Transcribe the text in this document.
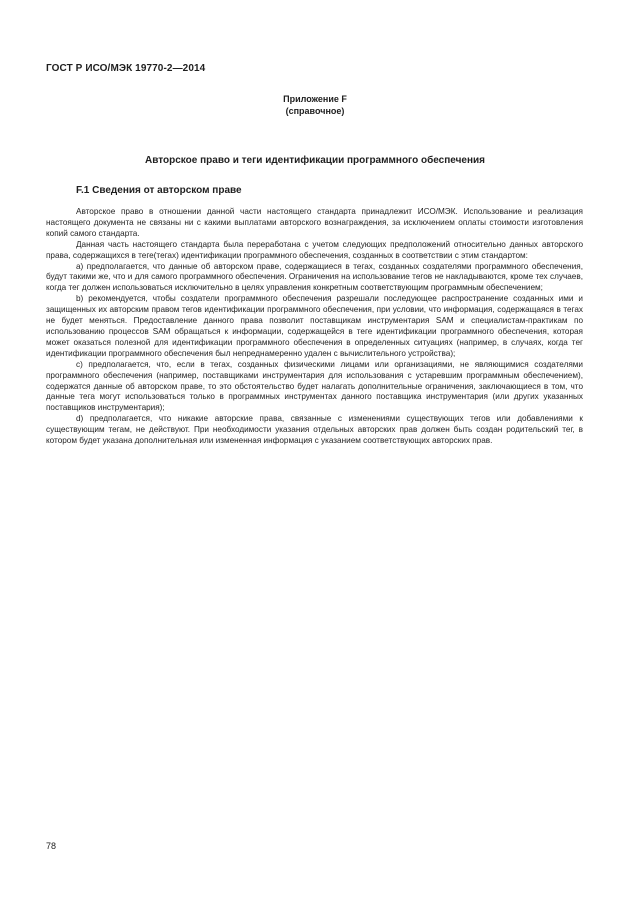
ГОСТ Р ИСО/МЭК 19770-2—2014
Приложение F
(справочное)
Авторское право и теги идентификации программного обеспечения
F.1 Сведения от авторском праве

Авторское право в отношении данной части настоящего стандарта принадлежит ИСО/МЭК. Использование и реализация настоящего документа не связаны ни с какими выплатами авторского вознаграждения, за исключением оплаты стоимости изготовления копий самого стандарта.

Данная часть настоящего стандарта была переработана с учетом следующих предположений относительно данных авторского права, содержащихся в теге(тегах) идентификации программного обеспечения, созданных в соответствии с этим стандартом:

a) предполагается, что данные об авторском праве, содержащиеся в тегах, созданных создателями программного обеспечения, будут такими же, что и для самого программного обеспечения. Ограничения на использование тегов не накладываются, кроме тех случаев, когда тег должен использоваться исключительно в целях управления конкретным соответствующим программным обеспечением;

b) рекомендуется, чтобы создатели программного обеспечения разрешали последующее распространение созданных ими и защищенных их авторским правом тегов идентификации программного обеспечения, при условии, что информация, содержащаяся в тегах не будет меняться. Предоставление данного права позволит поставщикам инструментария SAM и специалистам-практикам по использованию процессов SAM обращаться к информации, содержащейся в теге идентификации программного обеспечения, которая может оказаться полезной для идентификации программного обеспечения в определенных ситуациях (например, в случаях, когда тег идентификации программного обеспечения был непреднамеренно удален с вычислительного устройства);

c) предполагается, что, если в тегах, созданных физическими лицами или организациями, не являющимися создателями программного обеспечения (например, поставщиками инструментария для использования с устаревшим программным обеспечением), содержатся данные об авторском праве, то это обстоятельство будет налагать дополнительные ограничения, заключающиеся в том, что данные тега могут использоваться только в программных инструментах данного поставщика инструментария (или других указанных поставщиков инструментария);

d) предполагается, что никакие авторские права, связанные с изменениями существующих тегов или добавлениями к существующим тегам, не действуют. При необходимости указания отдельных авторских прав должен быть создан родительский тег, в котором будет указана дополнительная или измененная информация с указанием соответствующих авторских прав.

78
